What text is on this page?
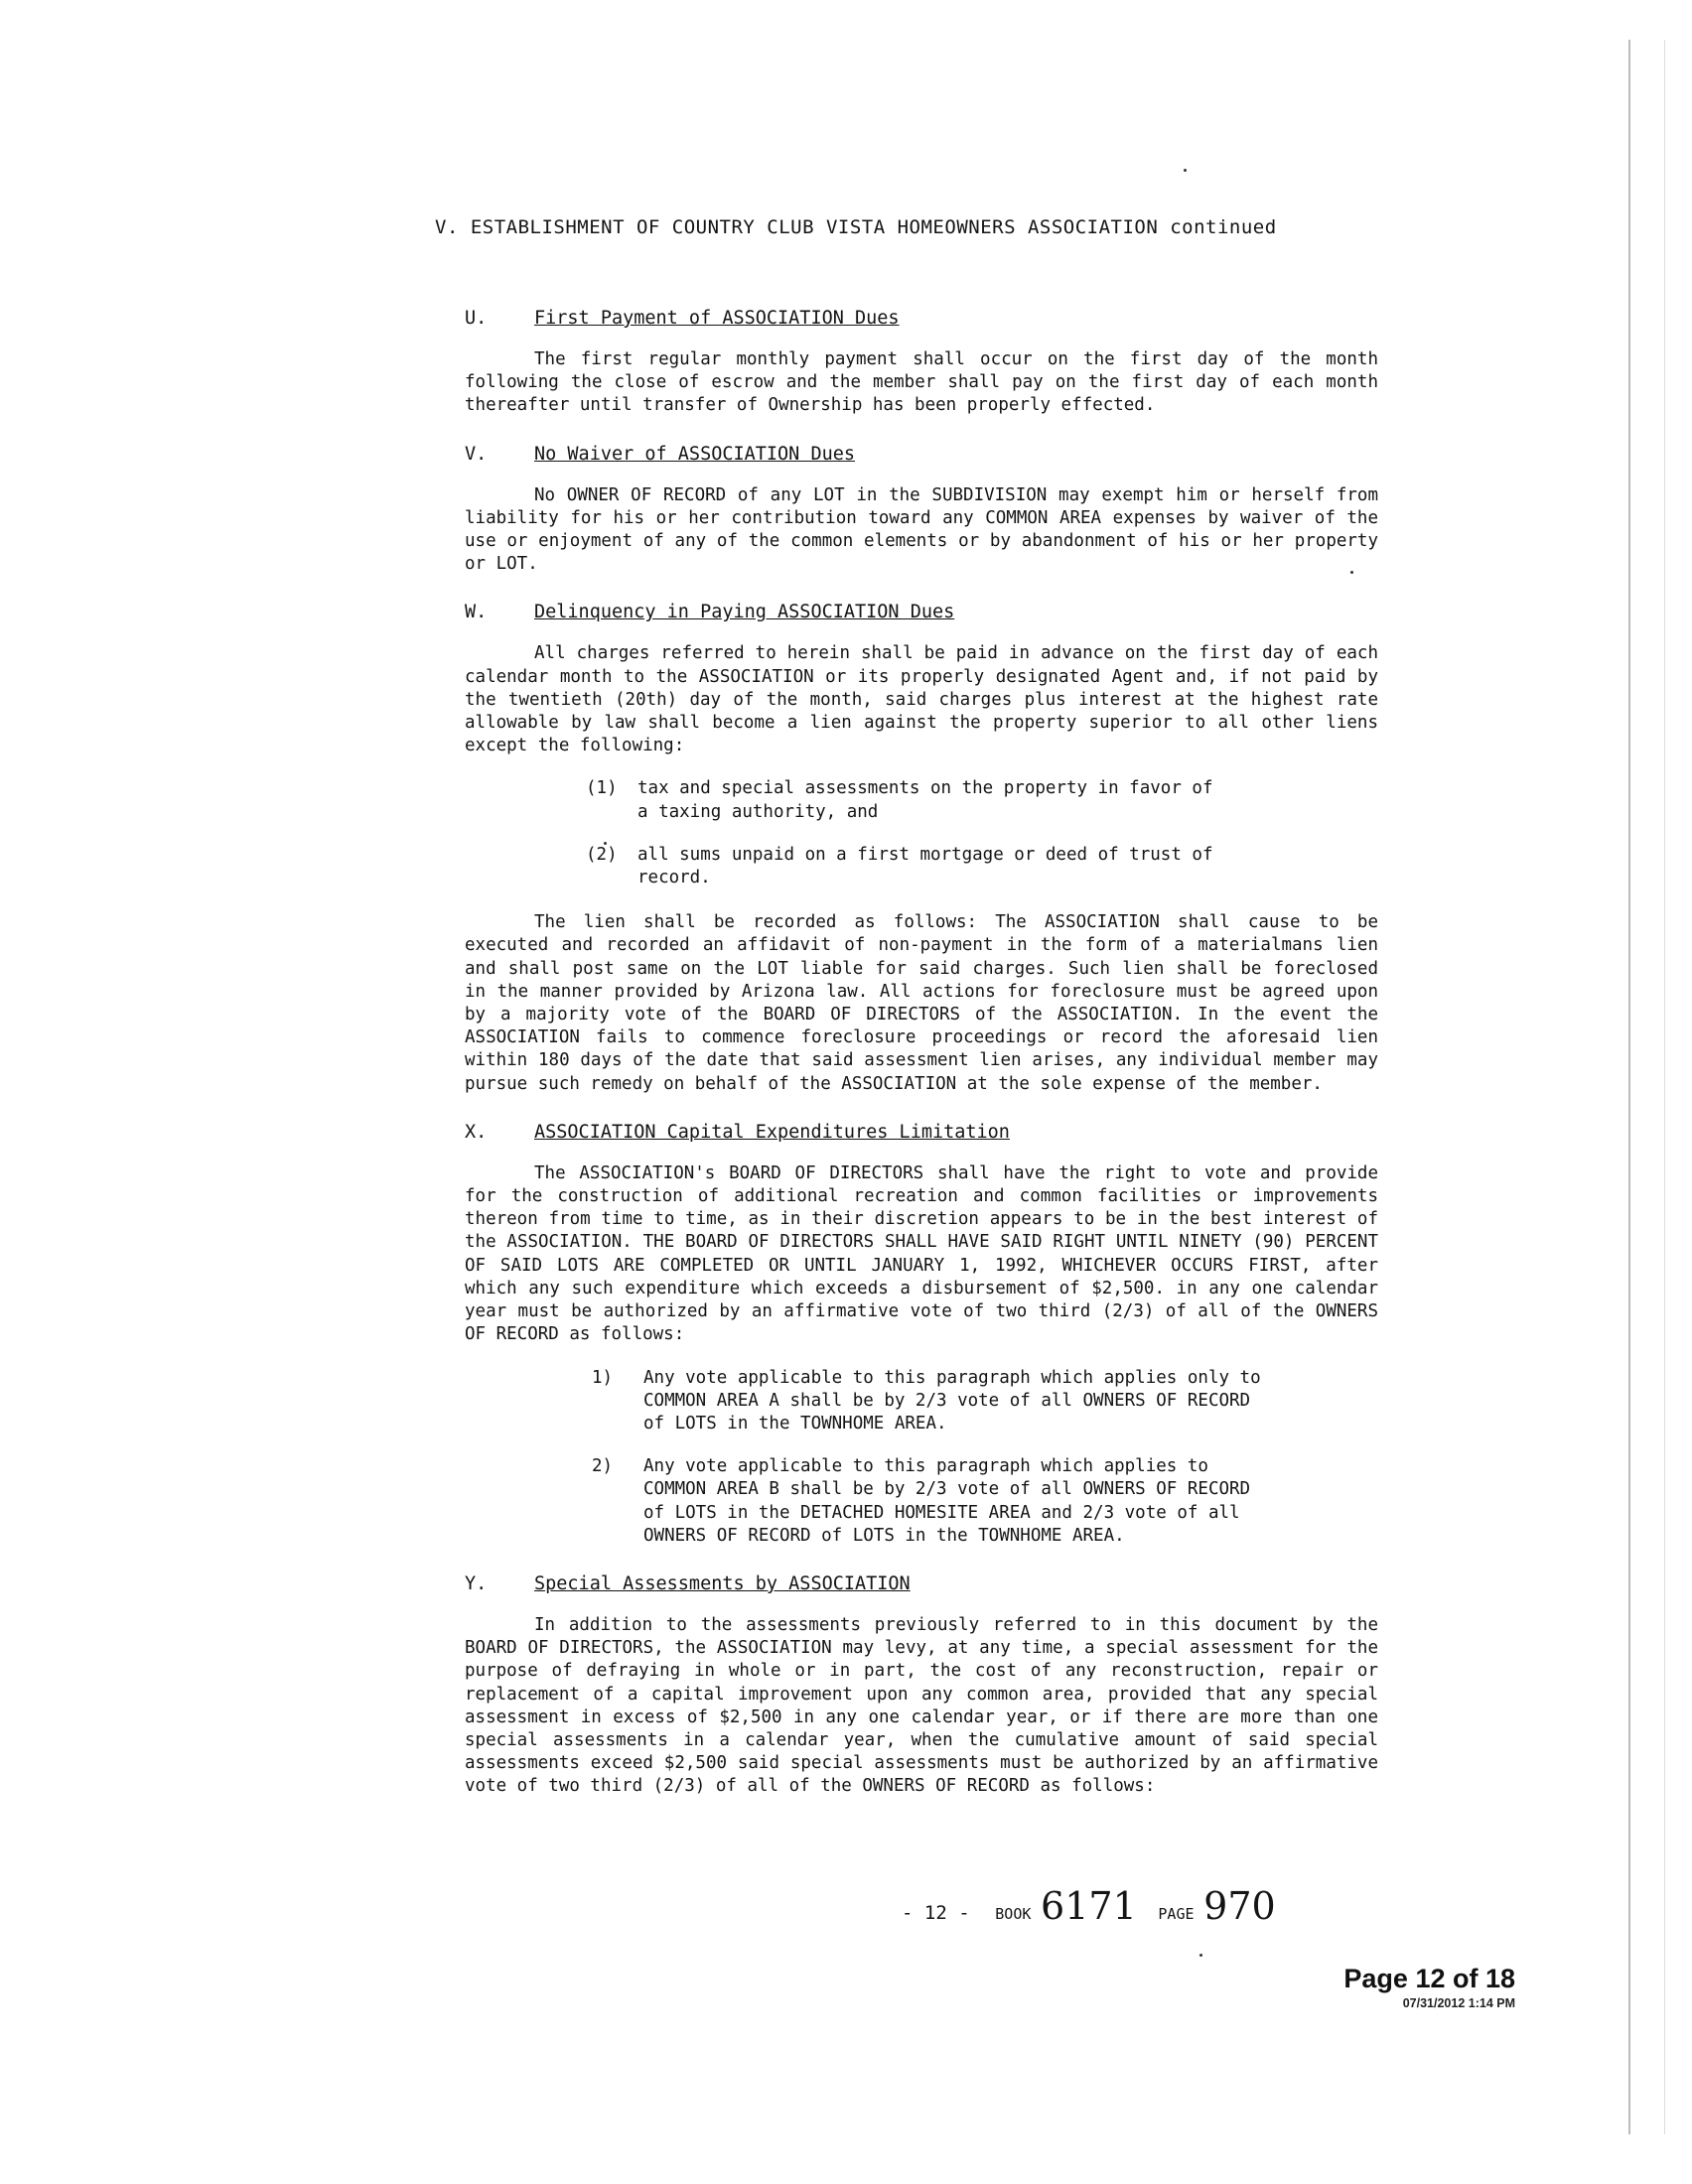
V. ESTABLISHMENT OF COUNTRY CLUB VISTA HOMEOWNERS ASSOCIATION continued
U.	First Payment of ASSOCIATION Dues

The first regular monthly payment shall occur on the first day of the month following the close of escrow and the member shall pay on the first day of each month thereafter until transfer of Ownership has been properly effected.

V.	No Waiver of ASSOCIATION Dues

No OWNER OF RECORD of any LOT in the SUBDIVISION may exempt him or herself from liability for his or her contribution toward any COMMON AREA expenses by waiver of the use or enjoyment of any of the common elements or by abandonment of his or her property or LOT.

W.	Delinquency in Paying ASSOCIATION Dues

All charges referred to herein shall be paid in advance on the first day of each calendar month to the ASSOCIATION or its properly designated Agent and, if not paid by the twentieth (20th) day of the month, said charges plus interest at the highest rate allowable by law shall become a lien against the property superior to all other liens except the following:

(1)	tax and special assessments on the property in favor of a taxing authority, and
(2)	all sums unpaid on a first mortgage or deed of trust of record.

The lien shall be recorded as follows: The ASSOCIATION shall cause to be executed and recorded an affidavit of non-payment in the form of a materialmans lien and shall post same on the LOT liable for said charges. Such lien shall be foreclosed in the manner provided by Arizona law. All actions for foreclosure must be agreed upon by a majority vote of the BOARD OF DIRECTORS of the ASSOCIATION. In the event the ASSOCIATION fails to commence foreclosure proceedings or record the aforesaid lien within 180 days of the date that said assessment lien arises, any individual member may pursue such remedy on behalf of the ASSOCIATION at the sole expense of the member.

X.	ASSOCIATION Capital Expenditures Limitation

The ASSOCIATION's BOARD OF DIRECTORS shall have the right to vote and provide for the construction of additional recreation and common facilities or improvements thereon from time to time, as in their discretion appears to be in the best interest of the ASSOCIATION. THE BOARD OF DIRECTORS SHALL HAVE SAID RIGHT UNTIL NINETY (90) PERCENT OF SAID LOTS ARE COMPLETED OR UNTIL JANUARY 1, 1992, WHICHEVER OCCURS FIRST, after which any such expenditure which exceeds a disbursement of $2,500. in any one calendar year must be authorized by an affirmative vote of two third (2/3) of all of the OWNERS OF RECORD as follows:

1)	Any vote applicable to this paragraph which applies only to COMMON AREA A shall be by 2/3 vote of all OWNERS OF RECORD of LOTS in the TOWNHOME AREA.
2)	Any vote applicable to this paragraph which applies to COMMON AREA B shall be by 2/3 vote of all OWNERS OF RECORD of LOTS in the DETACHED HOMESITE AREA and 2/3 vote of all OWNERS OF RECORD of LOTS in the TOWNHOME AREA.
Y.	Special Assessments by ASSOCIATION

In addition to the assessments previously referred to in this document by the BOARD OF DIRECTORS, the ASSOCIATION may levy, at any time, a special assessment for the purpose of defraying in whole or in part, the cost of any reconstruction, repair or replacement of a capital improvement upon any common area, provided that any special assessment in excess of $2,500 in any one calendar year, or if there are more than one special assessments in a calendar year, when the cumulative amount of said special assessments exceed $2,500 said special assessments must be authorized by an affirmative vote of two third (2/3) of all of the OWNERS OF RECORD as follows:

- 12 - BOOK 6171 PAGE 970
Page 12 of 18
07/31/2012 1:14 PM
